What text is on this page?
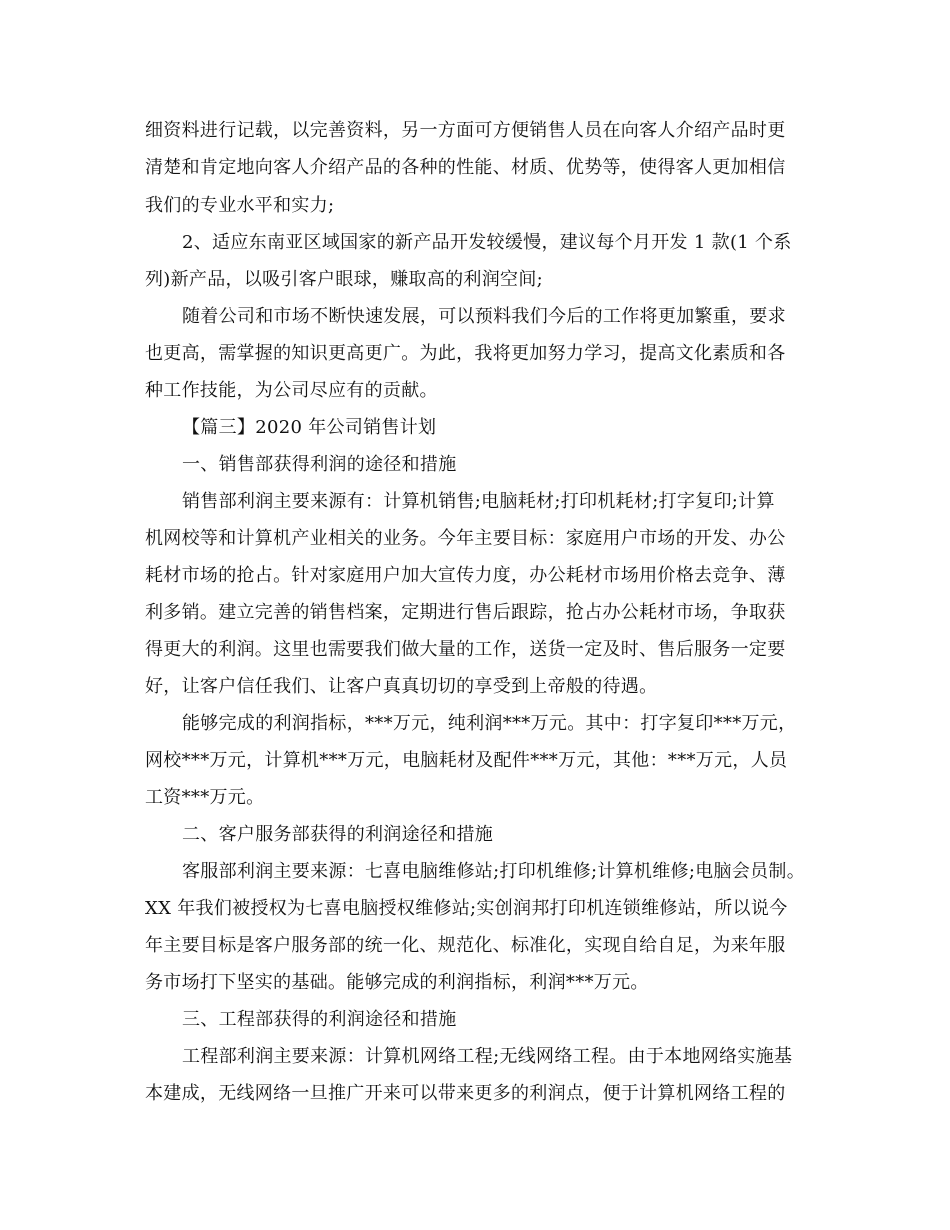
细资料进行记载，以完善资料，另一方面可方便销售人员在向客人介绍产品时更
清楚和肯定地向客人介绍产品的各种的性能、材质、优势等，使得客人更加相信
我们的专业水平和实力;
2、适应东南亚区域国家的新产品开发较缓慢，建议每个月开发 1 款(1 个系
列)新产品，以吸引客户眼球，赚取高的利润空间;
随着公司和市场不断快速发展，可以预料我们今后的工作将更加繁重，要求
也更高，需掌握的知识更高更广。为此，我将更加努力学习，提高文化素质和各
种工作技能，为公司尽应有的贡献。
【篇三】2020 年公司销售计划
一、销售部获得利润的途径和措施
销售部利润主要来源有：计算机销售;电脑耗材;打印机耗材;打字复印;计算
机网校等和计算机产业相关的业务。今年主要目标：家庭用户市场的开发、办公
耗材市场的抢占。针对家庭用户加大宣传力度，办公耗材市场用价格去竞争、薄
利多销。建立完善的销售档案，定期进行售后跟踪，抢占办公耗材市场，争取获
得更大的利润。这里也需要我们做大量的工作，送货一定及时、售后服务一定要
好，让客户信任我们、让客户真真切切的享受到上帝般的待遇。
能够完成的利润指标，***万元，纯利润***万元。其中：打字复印***万元，
网校***万元，计算机***万元，电脑耗材及配件***万元，其他：***万元，人员
工资***万元。
二、客户服务部获得的利润途径和措施
客服部利润主要来源：七喜电脑维修站;打印机维修;计算机维修;电脑会员制。
XX 年我们被授权为七喜电脑授权维修站;实创润邦打印机连锁维修站，所以说今
年主要目标是客户服务部的统一化、规范化、标准化，实现自给自足，为来年服
务市场打下坚实的基础。能够完成的利润指标，利润***万元。
三、工程部获得的利润途径和措施
工程部利润主要来源：计算机网络工程;无线网络工程。由于本地网络实施基
本建成，无线网络一旦推广开来可以带来更多的利润点，便于计算机网络工程的
